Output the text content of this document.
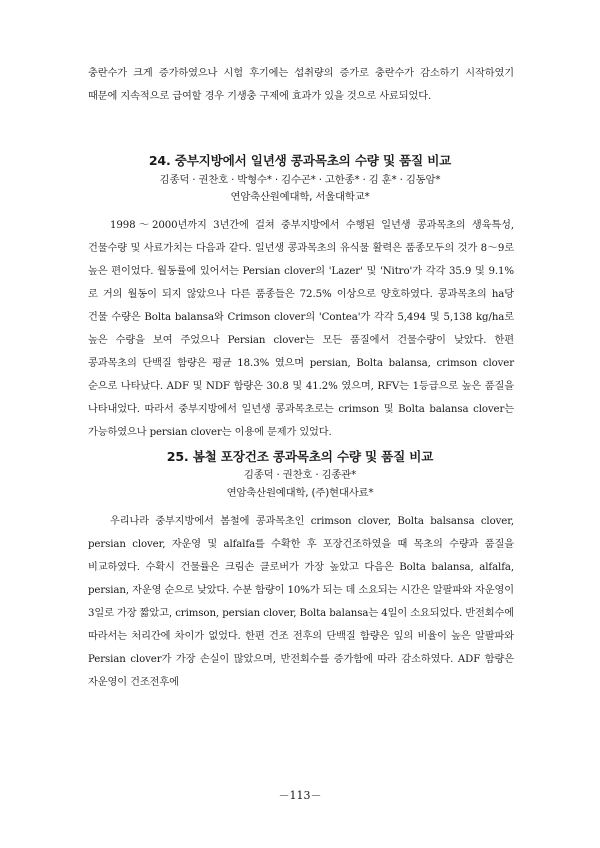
충란수가 크게 증가하였으나 시험 후기에는 섭취량의 증가로 충란수가 감소하기 시작하였기 때문에 지속적으로 급여할 경우 기생충 구제에 효과가 있을 것으로 사료되었다.

24. 중부지방에서 일년생 콩과목초의 수량 및 품질 비교
김종덕 · 권찬호 · 박형수* · 김수곤* · 고한종* · 김 훈* · 김동암*
연암축산원예대학, 서울대학교*

1998～2000년까지 3년간에 걸쳐 중부지방에서 수행된 일년생 콩과목초의 생육특성, 건물수량 및 사료가치는 다음과 같다. 일년생 콩과목초의 유식물 활력은 품종모두의 것가 8～9로 높은 편이었다. 월동률에 있어서는 Persian clover의 'Lazer' 및 'Nitro'가 각각 35.9 및 9.1%로 거의 월동이 되지 않았으나 다른 품종들은 72.5% 이상으로 양호하였다. 콩과목초의 ha당 건물 수량은 Bolta balansa와 Crimson clover의 'Contea'가 각각 5,494 및 5,138 kg/ha로 높은 수량을 보여 주었으나 Persian clover는 모든 품질에서 건물수량이 낮았다. 한편 콩과목초의 단백질 함량은 평균 18.3% 였으며 persian, Bolta balansa, crimson clover 순으로 나타났다. ADF 및 NDF 함량은 30.8 및 41.2% 였으며, RFV는 1등급으로 높은 품질을 나타내었다. 따라서 중부지방에서 일년생 콩과목초로는 crimson 및 Bolta balansa clover는 가능하였으나 persian clover는 이용에 문제가 있었다.

25. 봄철 포장건조 콩과목초의 수량 및 품질 비교
김종덕 · 권찬호 · 김종관*
연암축산원예대학, (주)현대사료*

우리나라 중부지방에서 봄철에 콩과목초인 crimson clover, Bolta balsansa clover, persian clover, 자운영 및 alfalfa를 수확한 후 포장건조하였을 때 목초의 수량과 품질을 비교하였다. 수확시 건물률은 크림손 클로버가 가장 높았고 다음은 Bolta balansa, alfalfa, persian, 자운영 순으로 낮았다. 수분 함량이 10%가 되는 데 소요되는 시간은 알팔파와 자운영이 3일로 가장 짧았고, crimson, persian clover, Bolta balansa는 4일이 소요되었다. 반전회수에 따라서는 처리간에 차이가 없었다. 한편 건조 전후의 단백질 함량은 잎의 비율이 높은 알팔파와 Persian clover가 가장 손실이 많았으며, 반전회수를 증가함에 따라 감소하였다. ADF 함량은 자운영이 건조전후에

－113－
